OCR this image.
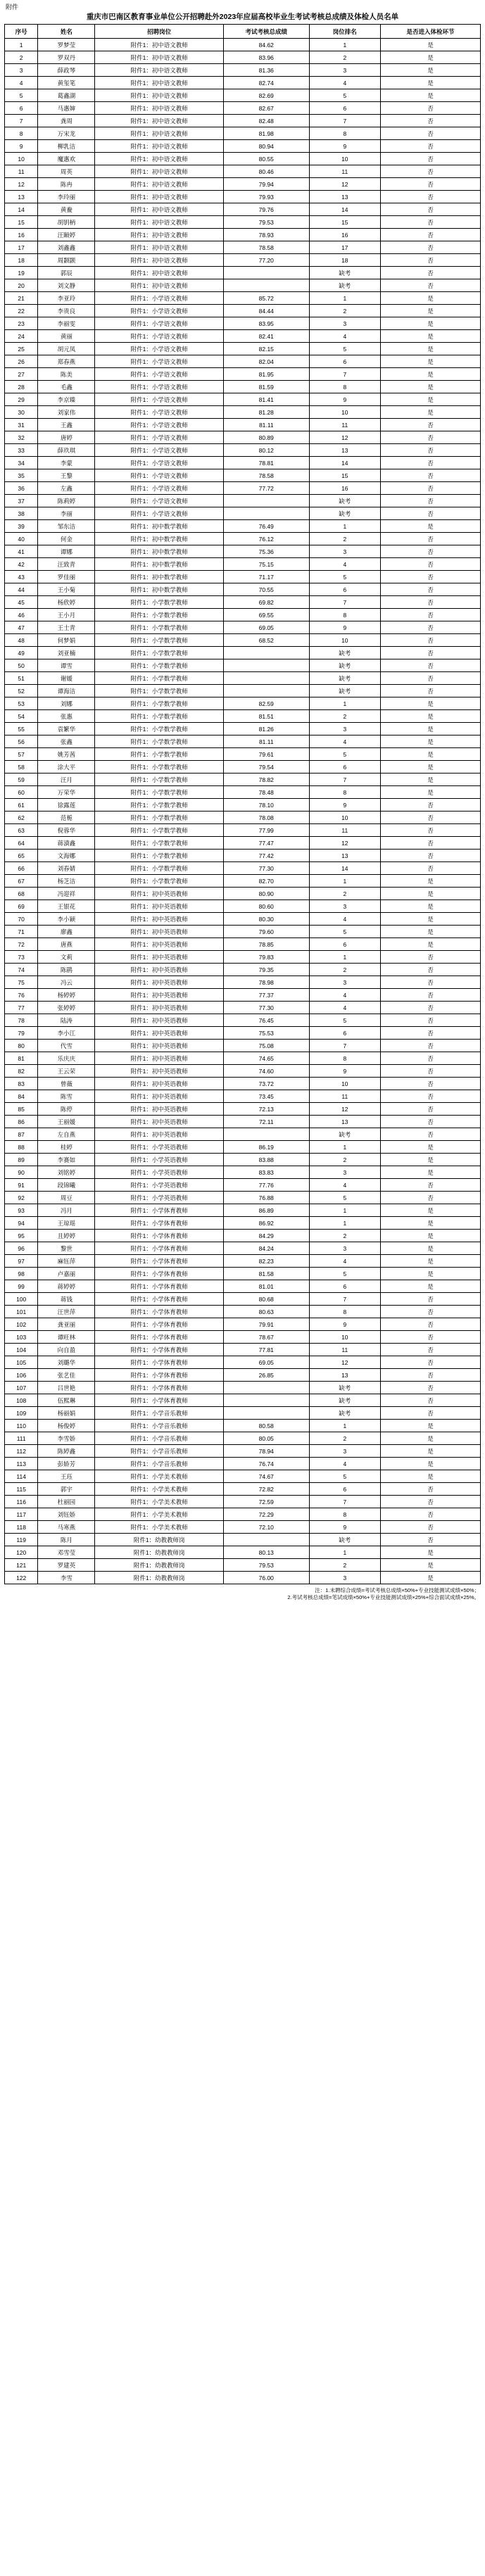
附件
重庆市巴南区教育事业单位公开招聘赴外2023年应届高校毕业生考试考核总成绩及体检人员名单
序号	姓名	招聘岗位	考试考核总成绩	岗位排名	是否进入体检环节
1	罗梦莹	附件1：初中语文教师	84.62	1	是
2	罗双丹	附件1：初中语文教师	83.96	2	是
3	薛政琴	附件1：初中语文教师	81.36	3	是
4	黄玺笔	附件1：初中语文教师	82.74	4	是
5	葛鑫湖	附件1：初中语文教师	82.69	5	是
6	马惠婶	附件1：初中语文教师	82.67	6	否
7	龚周	附件1：初中语文教师	82.48	7	否
8	万宋龙	附件1：初中语文教师	81.98	8	否
9	柳乳洁	附件1：初中语文教师	80.94	9	否
10	魔惠欢	附件1：初中语文教师	80.55	10	否
11	周英	附件1：初中语文教师	80.46	11	否
12	陈冉	附件1：初中语文教师	79.94	12	否
13	李玲丽	附件1：初中语文教师	79.93	13	否
14	黄鲞	附件1：初中语文教师	79.76	14	否
15	胡钥柄	附件1：初中语文教师	79.53	15	否
16	汪颐婷	附件1：初中语文教师	78.93	16	否
17	刘鑫鑫	附件1：初中语文教师	78.58	17	否
18	周颢颢	附件1：初中语文教师	77.20	18	否
19	郭辰	附件1：初中语文教师		缺考	否
20	刘文静	附件1：初中语文教师		缺考	否
21	李亚玲	附件1：小学语文教师	85.72	1	是
22	李贵良	附件1：小学语文教师	84.44	2	是
23	李丽雯	附件1：小学语文教师	83.95	3	是
24	黄丽	附件1：小学语文教师	82.41	4	是
25	胡元凤	附件1：小学语文教师	82.15	5	是
26	郑春燕	附件1：小学语文教师	82.04	6	是
27	陈美	附件1：小学语文教师	81.95	7	是
28	毛鑫	附件1：小学语文教师	81.59	8	是
29	李京臻	附件1：小学语文教师	81.41	9	是
30	刘家伟	附件1：小学语文教师	81.28	10	是
31	王鑫	附件1：小学语文教师	81.11	11	否
32	唐婷	附件1：小学语文教师	80.89	12	否
33	薛玖琪	附件1：小学语文教师	80.12	13	否
34	李蒙	附件1：小学语文教师	78.81	14	否
35	王黎	附件1：小学语文教师	78.58	15	否
36	左鑫	附件1：小学语文教师	77.72	16	否
37	陈莉婷	附件1：小学语文教师		缺考	否
38	李丽	附件1：小学语文教师		缺考	否
39	邹东洁	附件1：初中数学教师	76.49	1	是
40	何金	附件1：初中数学教师	76.12	2	否
41	谭娜	附件1：初中数学教师	75.36	3	否
42	汪致青	附件1：初中数学教师	75.15	4	否
43	罗佳丽	附件1：初中数学教师	71.17	5	否
44	王小菊	附件1：初中数学教师	70.55	6	否
45	杨欣婷	附件1：小学数学教师	69.82	7	否
46	王小月	附件1：小学数学教师	69.55	8	否
47	王士青	附件1：小学数学教师	69.05	9	否
48	何梦娟	附件1：小学数学教师	68.52	10	否
49	刘亚楠	附件1：小学数学教师		缺考	否
50	谭雪	附件1：小学数学教师		缺考	否
51	谢媛	附件1：小学数学教师		缺考	否
52	谭海洁	附件1：小学数学教师		缺考	否
53	刘娜	附件1：小学数学教师	82.59	1	是
54	张惠	附件1：小学数学教师	81.51	2	是
55	袁繁华	附件1：小学数学教师	81.26	3	是
56	张鑫	附件1：小学数学教师	81.11	4	是
57	姚芳茜	附件1：小学数学教师	79.61	5	是
58	涂大平	附件1：小学数学教师	79.54	6	是
59	汪月	附件1：小学数学教师	78.82	7	是
60	万荣华	附件1：小学数学教师	78.48	8	是
61	徐露莲	附件1：小学数学教师	78.10	9	否
62	范栀	附件1：小学数学教师	78.08	10	否
63	倪蓉华	附件1：小学数学教师	77.99	11	否
64	蒋漬鑫	附件1：小学数学教师	77.47	12	否
65	文海娜	附件1：小学数学教师	77.42	13	否
66	刘春婧	附件1：小学数学教师	77.30	14	否
67	杨芝洁	附件1：小学数学教师	82.70	1	是
68	冯迎祥	附件1：初中英语教师	80.90	2	是
69	王银花	附件1：初中英语教师	80.60	3	是
70	李小颖	附件1：初中英语教师	80.30	4	是
71	廖鑫	附件1：初中英语教师	79.60	5	是
72	唐燕	附件1：初中英语教师	78.85	6	是
73	文莉	附件1：初中英语教师	79.83	1	否
74	陈鹃	附件1：初中英语教师	79.35	2	否
75	冯云	附件1：初中英语教师	78.98	3	否
76	杨婷婷	附件1：初中英语教师	77.37	4	否
77	张婷婷	附件1：初中英语教师	77.30	4	否
78	陆涛	附件1：初中英语教师	76.45	5	否
79	李小江	附件1：初中英语教师	75.53	6	否
80	代雪	附件1：初中英语教师	75.08	7	否
81	乐庆庆	附件1：初中英语教师	74.65	8	否
82	王云荣	附件1：初中英语教师	74.60	9	否
83	曾薇	附件1：初中英语教师	73.72	10	否
84	陈雪	附件1：初中英语教师	73.45	11	否
85	陈停	附件1：初中英语教师	72.13	12	否
86	王丽媛	附件1：初中英语教师	72.11	13	否
87	左自燕	附件1：初中英语教师		缺考	否
88	桂婷	附件1：小学英语教师	86.19	1	是
89	李赛如	附件1：小学英语教师	83.88	2	是
90	刘铭婷	附件1：小学英语教师	83.83	3	是
91	段锦曦	附件1：小学英语教师	77.76	4	否
92	周豆	附件1：小学英语教师	76.88	5	否
93	冯月	附件1：小学体育教师	86.89	1	是
94	王琼瑶	附件1：小学体育教师	86.92	1	是
95	且婷婷	附件1：小学体育教师	84.29	2	是
96	黎世	附件1：小学体育教师	84.24	3	是
97	麻钰萍	附件1：小学体育教师	82.23	4	是
98	卢嘉丽	附件1：小学体育教师	81.58	5	是
99	蒋婷婷	附件1：小学体育教师	81.01	6	是
100	蒋钱	附件1：小学体育教师	80.68	7	否
101	汪世萍	附件1：小学体育教师	80.63	8	否
102	龚亚丽	附件1：小学体育教师	79.91	9	否
103	谭旺林	附件1：小学体育教师	78.67	10	否
104	向自盈	附件1：小学体育教师	77.81	11	否
105	刘璐华	附件1：小学体育教师	69.05	12	否
106	张艺佳	附件1：小学体育教师	26.85	13	否
107	吕世艳	附件1：小学体育教师		缺考	否
108	伍熙琳	附件1：小学体育教师		缺考	否
109	杨丽娟	附件1：小学音乐教师		缺考	否
110	杨俊婷	附件1：小学音乐教师	80.58	1	是
111	李雪娇	附件1：小学音乐教师	80.05	2	是
112	陈婷鑫	附件1：小学音乐教师	78.94	3	是
113	彭娇芳	附件1：小学音乐教师	76.74	4	是
114	王珏	附件1：小学美术教师	74.67	5	是
115	郭宇	附件1：小学美术教师	72.82	6	否
116	杜丽园	附件1：小学美术教师	72.59	7	否
117	刘钰娇	附件1：小学美术教师	72.29	8	否
118	马寒燕	附件1：小学美术教师	72.10	9	否
119	陈月	附件1：幼教教师岗		缺考	否
120	邓雪莹	附件1：幼教教师岗	80.13	1	是
121	罗建英	附件1：幼教教师岗	79.53	2	是
122	李雪	附件1：幼教教师岗	76.00	3	是
注：1.未聘综合成绩=考试考核总成绩×50%+专业技能测试成绩×50%；
2.考试考核总成绩=笔试成绩×50%+专业技能测试成绩×25%+综合面试成绩×25%。
